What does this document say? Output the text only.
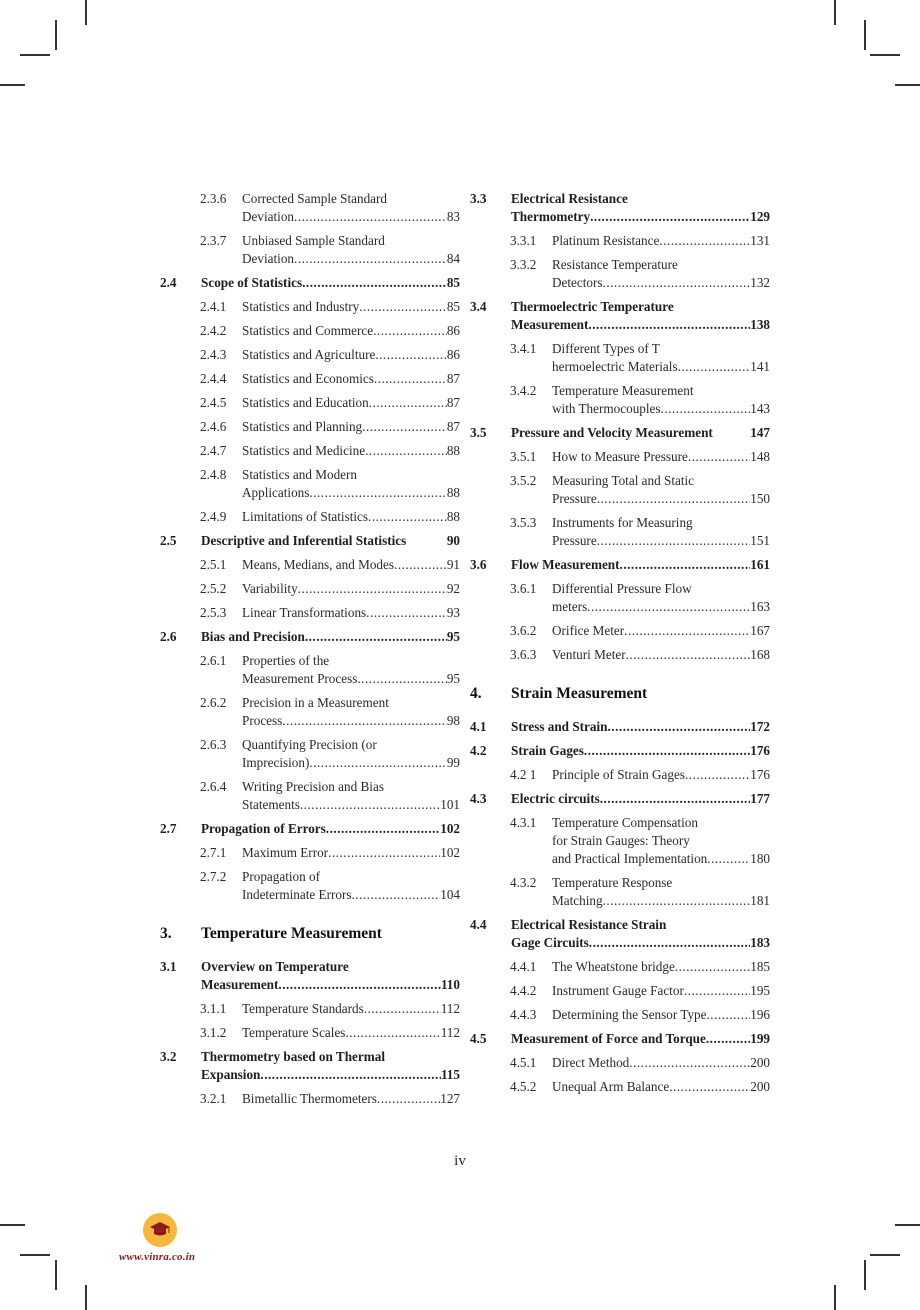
2.3.6 Corrected Sample Standard
Deviation .....	83
2.3.7 Unbiased Sample Standard
Deviation .....	84
2.4 Scope of Statistics .....	85
2.4.1 Statistics and Industry .....	85
2.4.2 Statistics and Commerce .....	86
2.4.3 Statistics and Agriculture .....	86
2.4.4 Statistics and Economics .....	87
2.4.5 Statistics and Education .....	87
2.4.6 Statistics and Planning .....	87
2.4.7 Statistics and Medicine .....	88
2.4.8 Statistics and Modern
Applications .....	88
2.4.9 Limitations of Statistics .....	88
2.5 Descriptive and Inferential Statistics	90
2.5.1 Means, Medians, and Modes .....	91
2.5.2 Variability .....	92
2.5.3 Linear Transformations .....	93
2.6 Bias and Precision .....	95
2.6.1 Properties of the
Measurement Process .....	95
2.6.2 Precision in a Measurement
Process .....	98
2.6.3 Quantifying Precision (or
Imprecision) .....	99
2.6.4 Writing Precision and Bias
Statements .....	101
2.7 Propagation of Errors .....	102
2.7.1 Maximum Error .....	102
2.7.2 Propagation of
Indeterminate Errors .....	104
3. Temperature Measurement
3.1 Overview on Temperature
Measurement .....	110
3.1.1 Temperature Standards .....	112
3.1.2 Temperature Scales .....	112
3.2 Thermometry based on Thermal
Expansion .....	115
3.2.1 Bimetallic Thermometers .....	127
3.3 Electrical Resistance
Thermometry .....	129
3.3.1 Platinum Resistance .....	131
3.3.2 Resistance Temperature
Detectors .....	132
3.4 Thermoelectric Temperature
Measurement .....	138
3.4.1 Different Types of T
hermoelectric Materials .....	141
3.4.2 Temperature Measurement
with Thermocouples .....	143
3.5 Pressure and Velocity Measurement	147
3.5.1 How to Measure Pressure .....	148
3.5.2 Measuring Total and Static
Pressure .....	150
3.5.3 Instruments for Measuring
Pressure .....	151
3.6 Flow Measurement .....	161
3.6.1 Differential Pressure Flow
meters .....	163
3.6.2 Orifice Meter .....	167
3.6.3 Venturi Meter .....	168
4. Strain Measurement
4.1 Stress and Strain .....	172
4.2 Strain Gages .....	176
4.2 1 Principle of Strain Gages .....	176
4.3 Electric circuits .....	177
4.3.1 Temperature Compensation
for Strain Gauges: Theory
and Practical Implementation .....	180
4.3.2 Temperature Response
Matching .....	181
4.4 Electrical Resistance Strain
Gage Circuits .....	183
4.4.1 The Wheatstone bridge .....	185
4.4.2 Instrument Gauge Factor .....	195
4.4.3 Determining the Sensor Type .....	196
4.5 Measurement of Force and Torque .....	199
4.5.1 Direct Method .....	200
4.5.2 Unequal Arm Balance .....	200
iv
www.vinra.co.in
